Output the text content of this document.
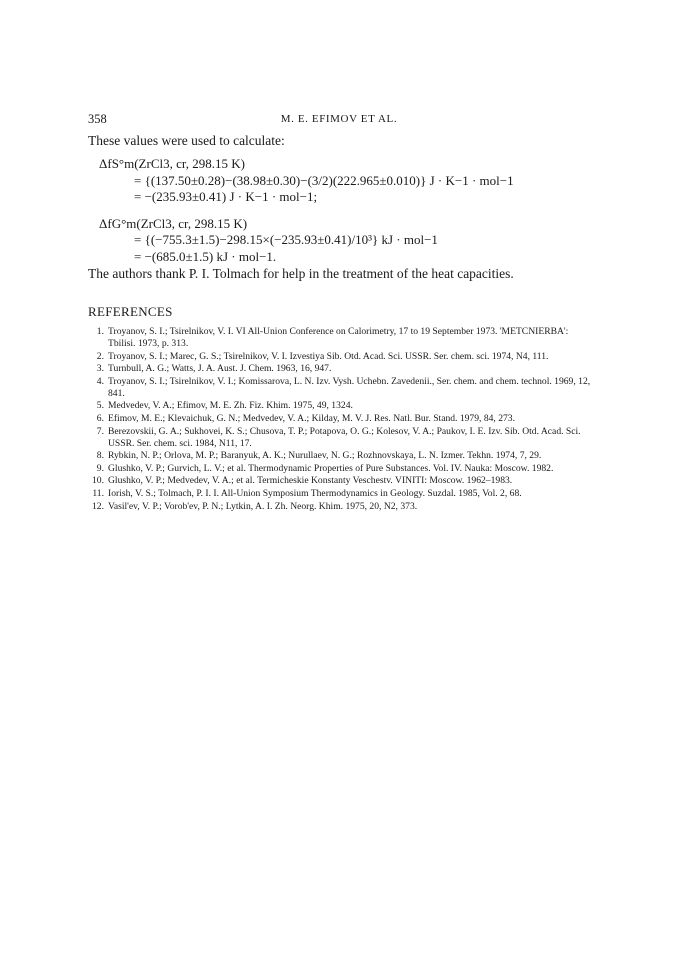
358	M. E. EFIMOV ET AL.

These values were used to calculate:

ΔfS°m(ZrCl3, cr, 298.15 K)
= {(137.50±0.28)−(38.98±0.30)−(3/2)(222.965±0.010)} J · K−1 · mol−1
= −(235.93±0.41) J · K−1 · mol−1;
ΔfG°m(ZrCl3, cr, 298.15 K)
= {(−755.3±1.5)−298.15×(−235.93±0.41)/10³} kJ · mol−1
= −(685.0±1.5) kJ · mol−1.

The authors thank P. I. Tolmach for help in the treatment of the heat capacities.

REFERENCES
1. Troyanov, S. I.; Tsirelnikov, V. I. VI All-Union Conference on Calorimetry, 17 to 19 September 1973. 'METCNIERBA': Tbilisi. 1973, p. 313.
2. Troyanov, S. I.; Marec, G. S.; Tsirelnikov, V. I. Izvestiya Sib. Otd. Acad. Sci. USSR. Ser. chem. sci. 1974, N4, 111.
3. Turnbull, A. G.; Watts, J. A. Aust. J. Chem. 1963, 16, 947.
4. Troyanov, S. I.; Tsirelnikov, V. I.; Komissarova, L. N. Izv. Vysh. Uchebn. Zavedenii., Ser. chem. and chem. technol. 1969, 12, 841.
5. Medvedev, V. A.; Efimov, M. E. Zh. Fiz. Khim. 1975, 49, 1324.
6. Efimov, M. E.; Klevaichuk, G. N.; Medvedev, V. A.; Kilday, M. V. J. Res. Natl. Bur. Stand. 1979, 84, 273.
7. Berezovskii, G. A.; Sukhovei, K. S.; Chusova, T. P.; Potapova, O. G.; Kolesov, V. A.; Paukov, I. E. Izv. Sib. Otd. Acad. Sci. USSR. Ser. chem. sci. 1984, N11, 17.
8. Rybkin, N. P.; Orlova, M. P.; Baranyuk, A. K.; Nurullaev, N. G.; Rozhnovskaya, L. N. Izmer. Tekhn. 1974, 7, 29.
9. Glushko, V. P.; Gurvich, L. V.; et al. Thermodynamic Properties of Pure Substances. Vol. IV. Nauka: Moscow. 1982.
10. Glushko, V. P.; Medvedev, V. A.; et al. Termicheskie Konstanty Veschestv. VINITI: Moscow. 1962–1983.
11. Iorish, V. S.; Tolmach, P. I. I. All-Union Symposium Thermodynamics in Geology. Suzdal. 1985, Vol. 2, 68.
12. Vasil'ev, V. P.; Vorob'ev, P. N.; Lytkin, A. I. Zh. Neorg. Khim. 1975, 20, N2, 373.
